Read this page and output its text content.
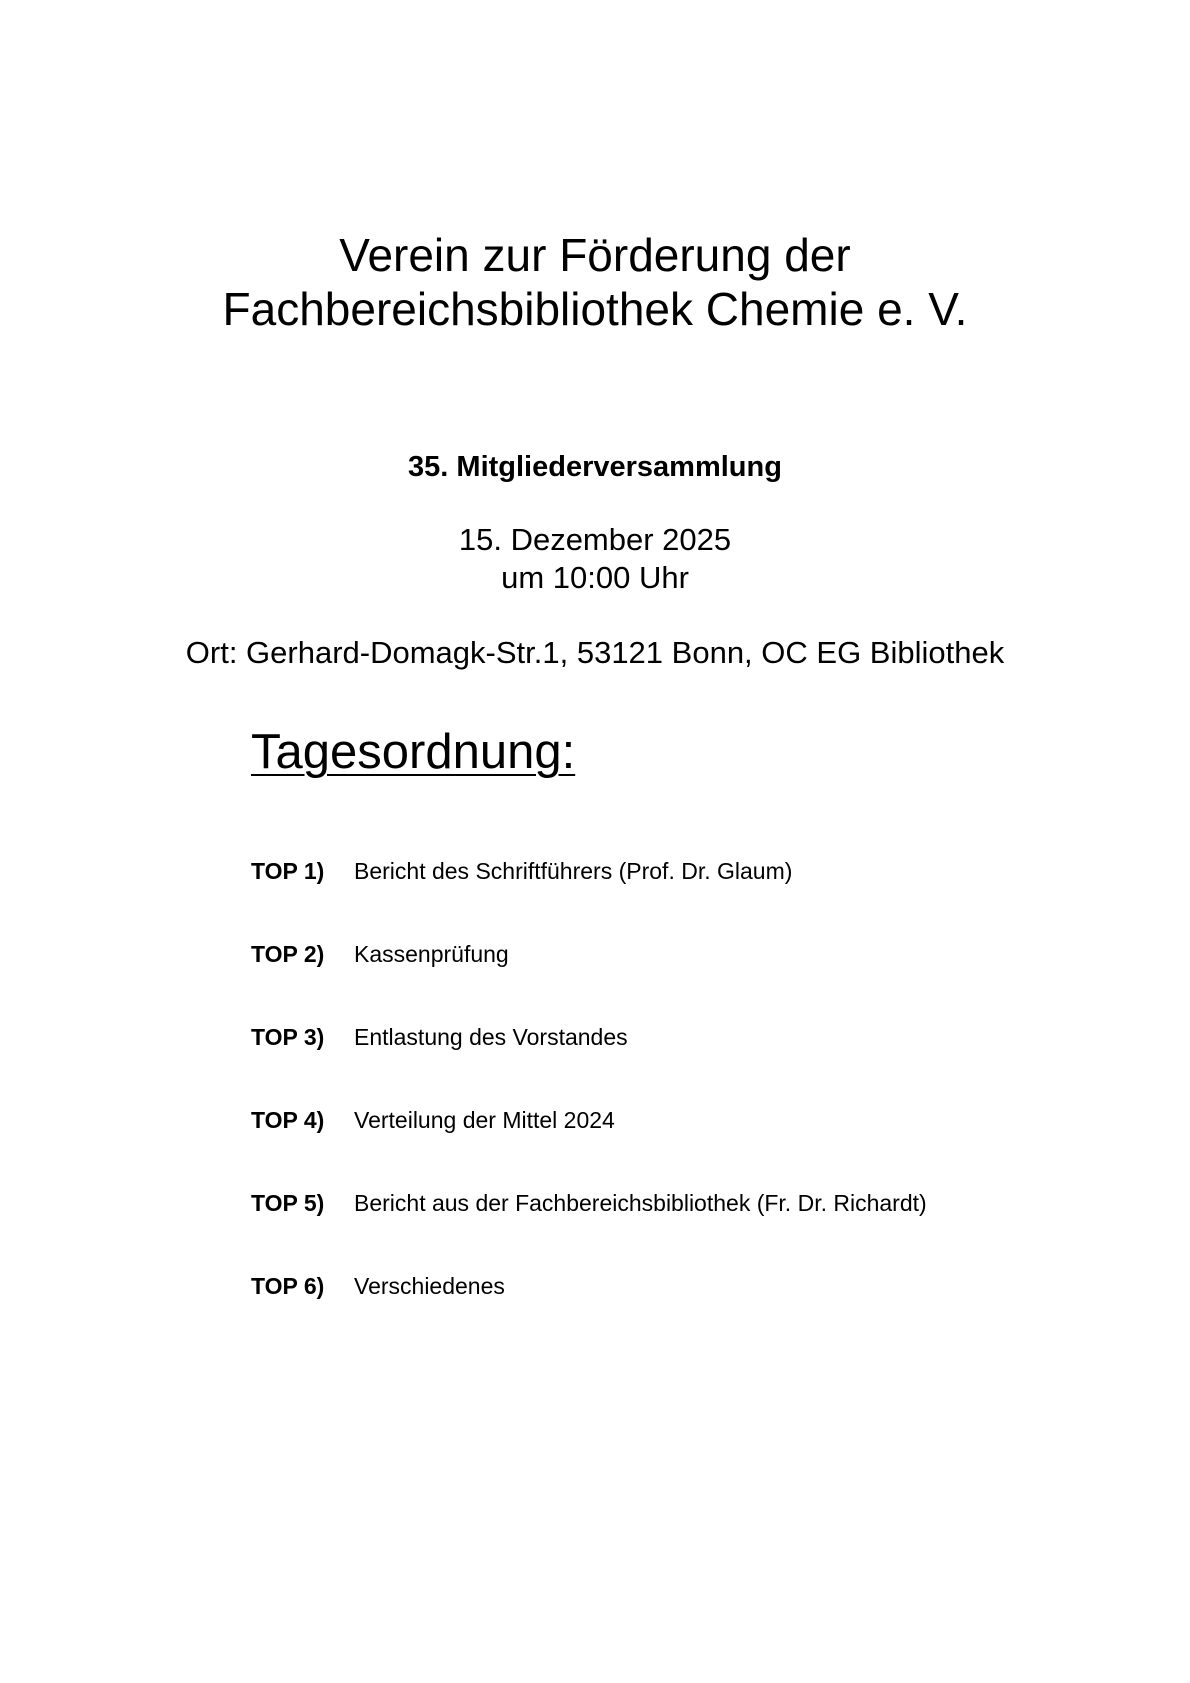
Verein zur Förderung der
Fachbereichsbibliothek Chemie e. V.
35. Mitgliederversammlung
15. Dezember 2025
um 10:00 Uhr
Ort: Gerhard-Domagk-Str.1, 53121 Bonn, OC EG Bibliothek
Tagesordnung:
TOP 1)	Bericht des Schriftführers (Prof. Dr. Glaum)
TOP 2)	Kassenprüfung
TOP 3)	Entlastung des Vorstandes
TOP 4)	Verteilung der Mittel 2024
TOP 5)	Bericht aus der Fachbereichsbibliothek (Fr. Dr. Richardt)
TOP 6)	Verschiedenes
